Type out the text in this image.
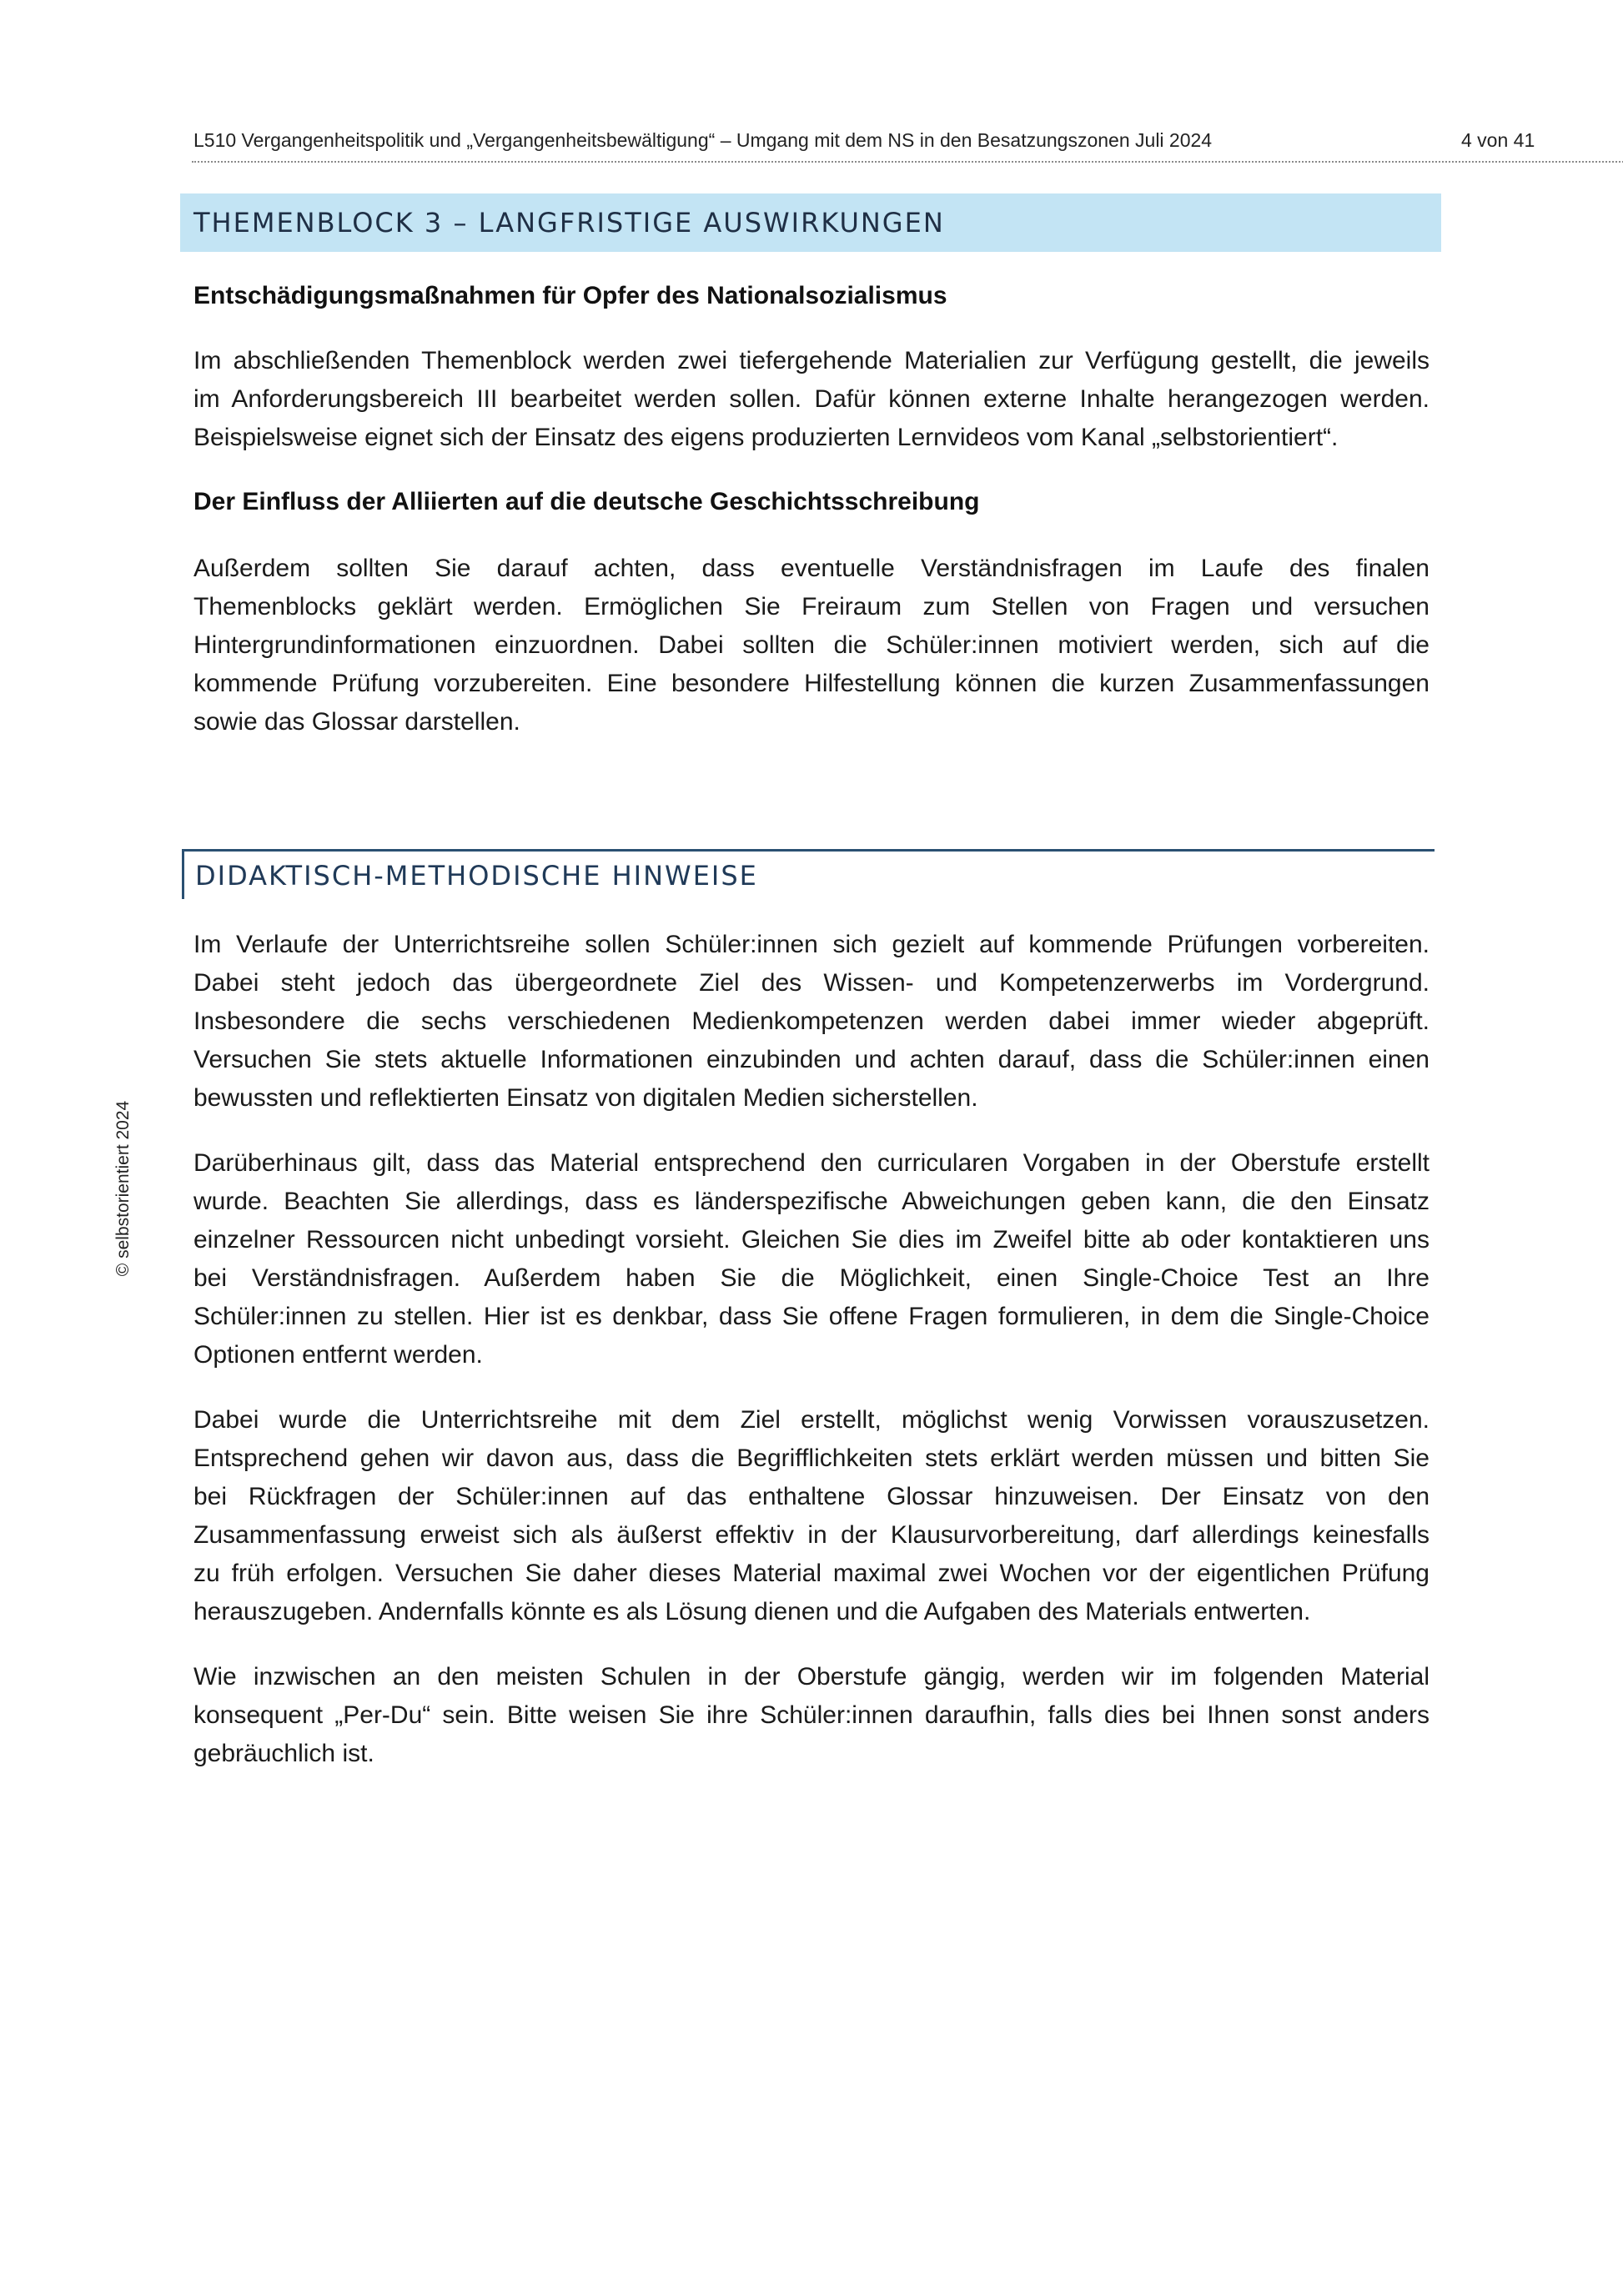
L510 Vergangenheitspolitik und „Vergangenheitsbewältigung“ – Umgang mit dem NS in den Besatzungszonen Juli 2024	4 von 41
© selbstorientiert 2024
THEMENBLOCK 3 – LANGFRISTIGE AUSWIRKUNGEN
Entschädigungsmaßnahmen für Opfer des Nationalsozialismus
Im abschließenden Themenblock werden zwei tiefergehende Materialien zur Verfügung gestellt, die jeweils
im Anforderungsbereich III bearbeitet werden sollen. Dafür können externe Inhalte herangezogen werden.
Beispielsweise eignet sich der Einsatz des eigens produzierten Lernvideos vom Kanal „selbstorientiert“.
Der Einfluss der Alliierten auf die deutsche Geschichtsschreibung
Außerdem sollten Sie darauf achten, dass eventuelle Verständnisfragen im Laufe des finalen
Themenblocks geklärt werden. Ermöglichen Sie Freiraum zum Stellen von Fragen und versuchen
Hintergrundinformationen einzuordnen. Dabei sollten die Schüler:innen motiviert werden, sich auf die
kommende Prüfung vorzubereiten. Eine besondere Hilfestellung können die kurzen Zusammenfassungen
sowie das Glossar darstellen.
DIDAKTISCH-METHODISCHE HINWEISE
Im Verlaufe der Unterrichtsreihe sollen Schüler:innen sich gezielt auf kommende Prüfungen vorbereiten.
Dabei steht jedoch das übergeordnete Ziel des Wissen- und Kompetenzerwerbs im Vordergrund.
Insbesondere die sechs verschiedenen Medienkompetenzen werden dabei immer wieder abgeprüft.
Versuchen Sie stets aktuelle Informationen einzubinden und achten darauf, dass die Schüler:innen einen
bewussten und reflektierten Einsatz von digitalen Medien sicherstellen.
Darüberhinaus gilt, dass das Material entsprechend den curricularen Vorgaben in der Oberstufe erstellt
wurde. Beachten Sie allerdings, dass es länderspezifische Abweichungen geben kann, die den Einsatz
einzelner Ressourcen nicht unbedingt vorsieht. Gleichen Sie dies im Zweifel bitte ab oder kontaktieren uns
bei Verständnisfragen. Außerdem haben Sie die Möglichkeit, einen Single-Choice Test an Ihre
Schüler:innen zu stellen. Hier ist es denkbar, dass Sie offene Fragen formulieren, in dem die Single-Choice
Optionen entfernt werden.
Dabei wurde die Unterrichtsreihe mit dem Ziel erstellt, möglichst wenig Vorwissen vorauszusetzen.
Entsprechend gehen wir davon aus, dass die Begrifflichkeiten stets erklärt werden müssen und bitten Sie
bei Rückfragen der Schüler:innen auf das enthaltene Glossar hinzuweisen. Der Einsatz von den
Zusammenfassung erweist sich als äußerst effektiv in der Klausurvorbereitung, darf allerdings keinesfalls
zu früh erfolgen. Versuchen Sie daher dieses Material maximal zwei Wochen vor der eigentlichen Prüfung
herauszugeben. Andernfalls könnte es als Lösung dienen und die Aufgaben des Materials entwerten.
Wie inzwischen an den meisten Schulen in der Oberstufe gängig, werden wir im folgenden Material
konsequent „Per-Du“ sein. Bitte weisen Sie ihre Schüler:innen daraufhin, falls dies bei Ihnen sonst anders
gebräuchlich ist.
